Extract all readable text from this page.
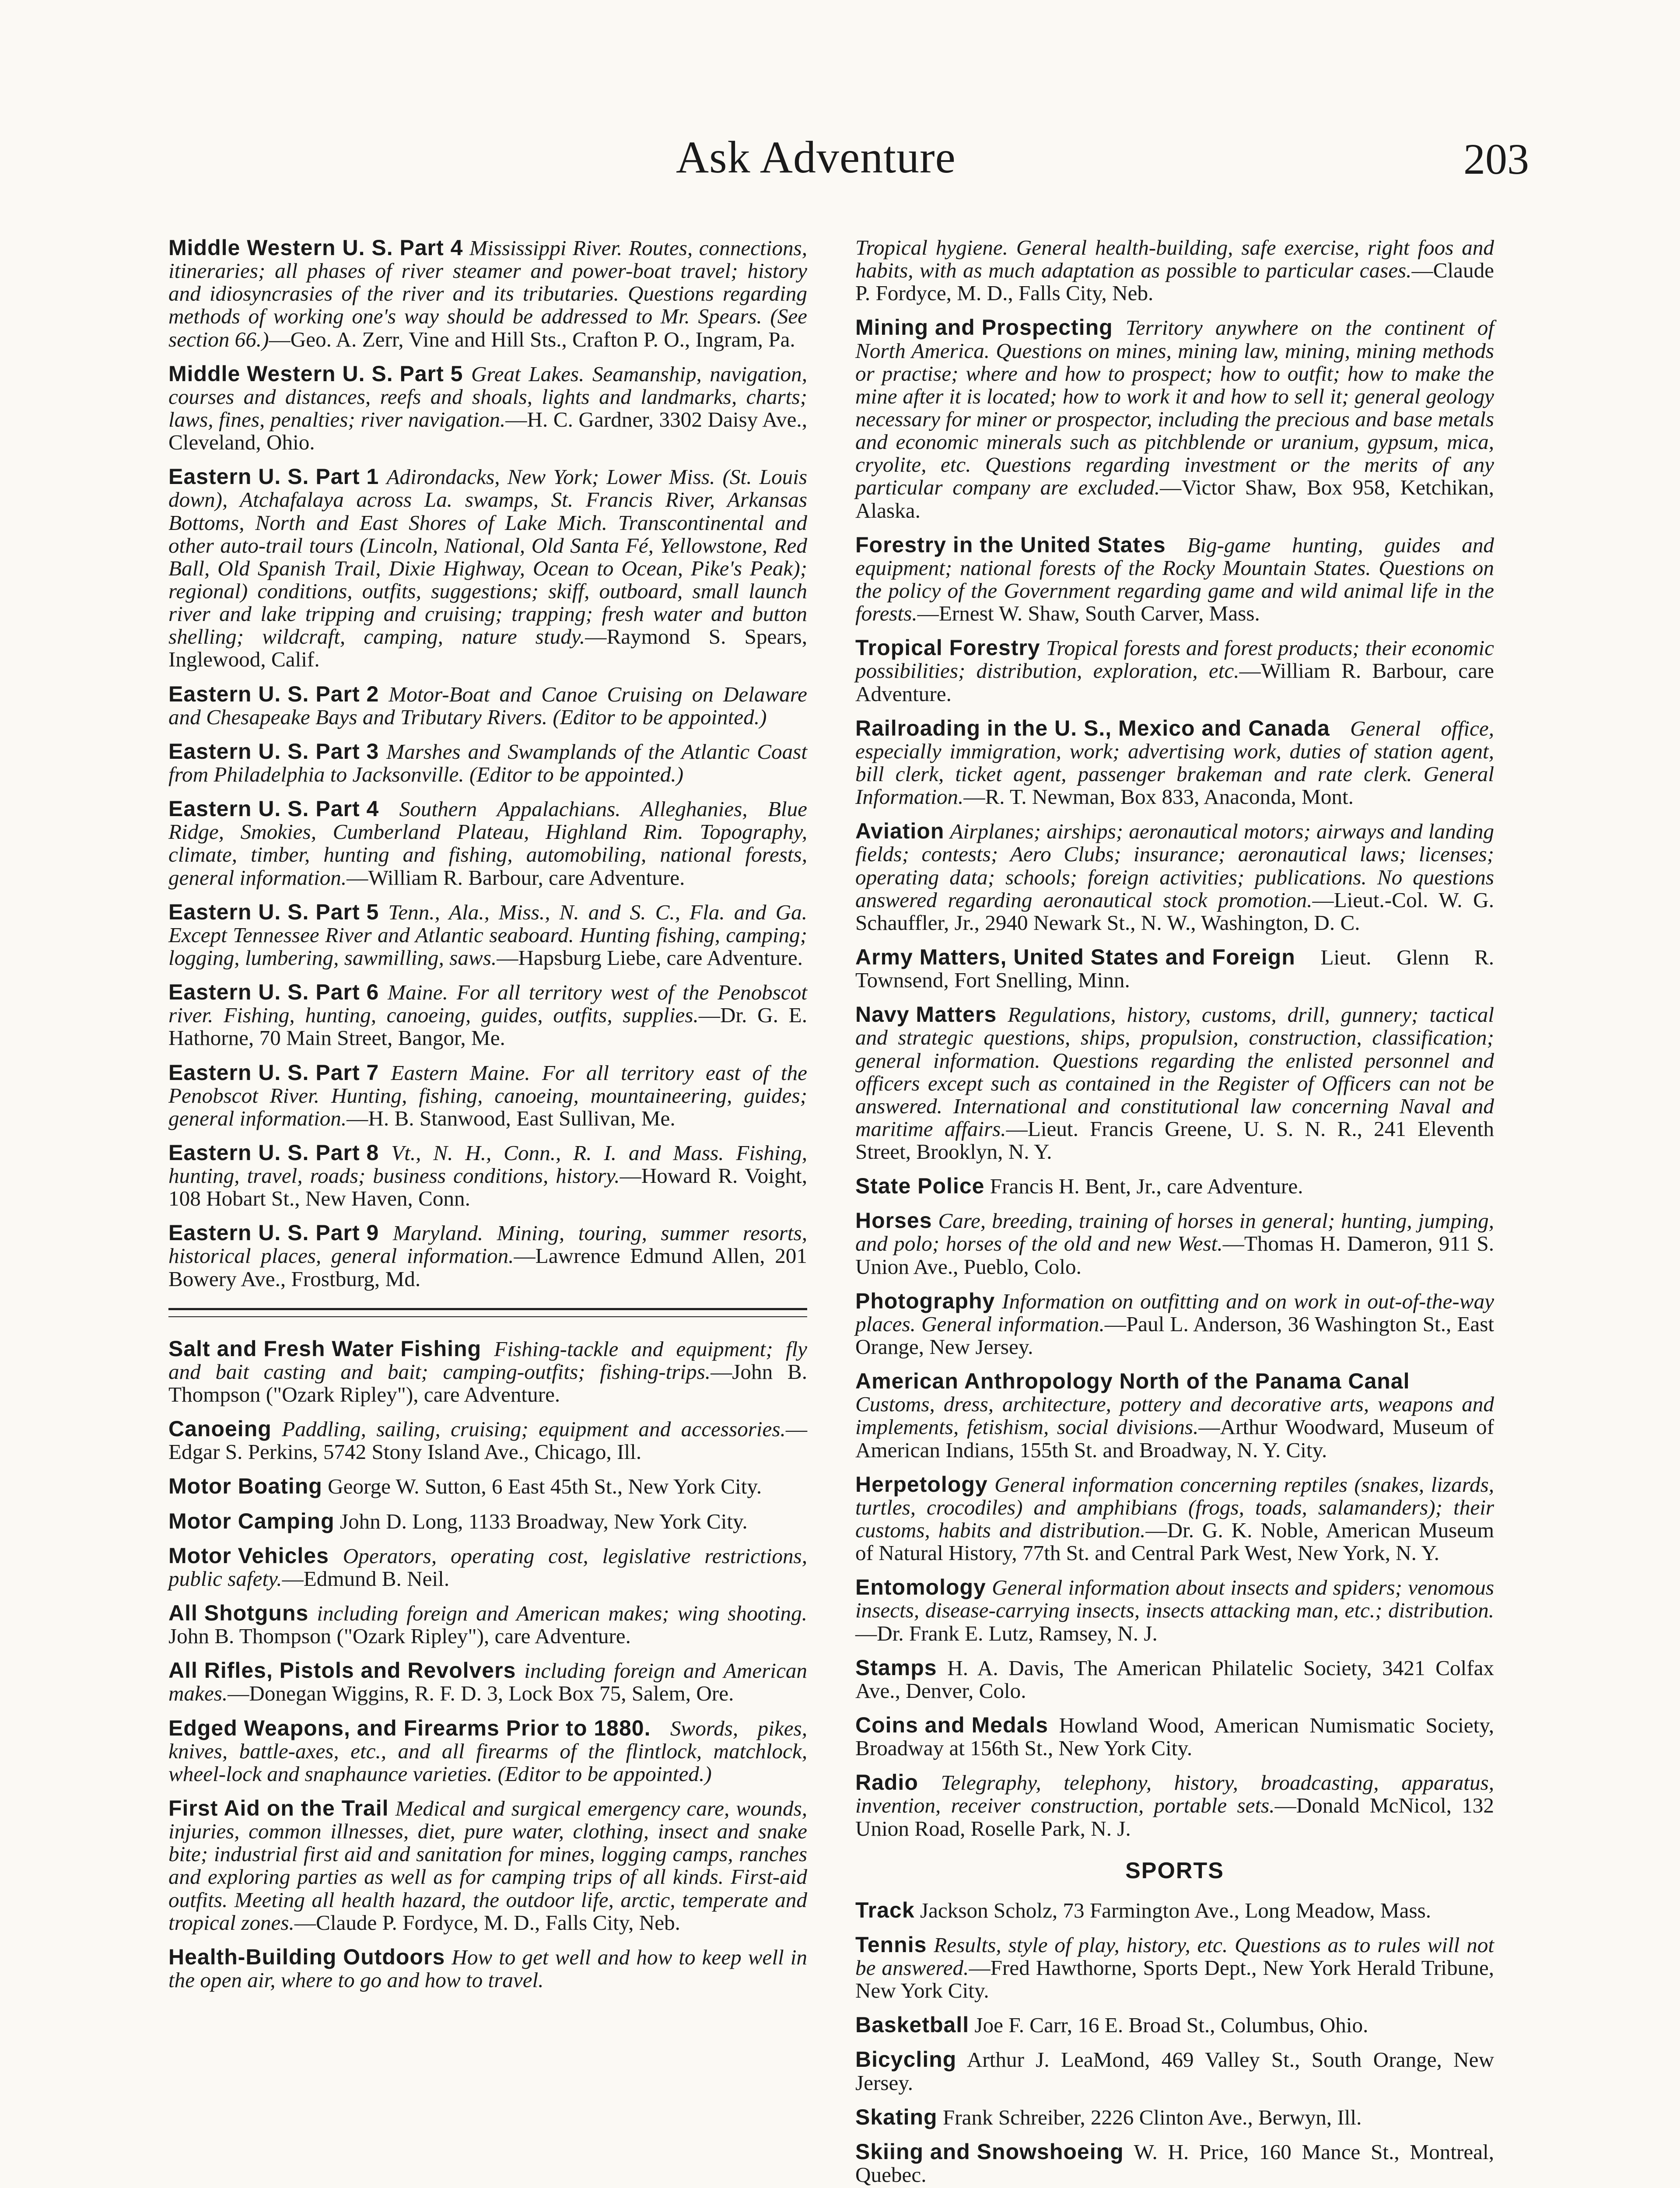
Ask Adventure	203

Middle Western U. S. Part 4 Mississippi River. Routes, connections, itineraries; all phases of river steamer and power-boat travel; history and idiosyncrasies of the river and its tributaries. Questions regarding methods of working one's way should be addressed to Mr. Spears. (See section 66.)—Geo. A. Zerr, Vine and Hill Sts., Crafton P. O., Ingram, Pa.

Middle Western U. S. Part 5 Great Lakes. Seamanship, navigation, courses and distances, reefs and shoals, lights and landmarks, charts; laws, fines, penalties; river navigation.—H. C. Gardner, 3302 Daisy Ave., Cleveland, Ohio.

Eastern U. S. Part 1 Adirondacks, New York; Lower Miss. (St. Louis down), Atchafalaya across La. swamps, St. Francis River, Arkansas Bottoms, North and East Shores of Lake Mich. Transcontinental and other auto-trail tours (Lincoln, National, Old Santa Fé, Yellowstone, Red Ball, Old Spanish Trail, Dixie Highway, Ocean to Ocean, Pike's Peak); regional) conditions, outfits, suggestions; skiff, outboard, small launch river and lake tripping and cruising; trapping; fresh water and button shelling; wildcraft, camping, nature study.—Raymond S. Spears, Inglewood, Calif.

Eastern U. S. Part 2 Motor-Boat and Canoe Cruising on Delaware and Chesapeake Bays and Tributary Rivers. (Editor to be appointed.)

Eastern U. S. Part 3 Marshes and Swamplands of the Atlantic Coast from Philadelphia to Jacksonville. (Editor to be appointed.)

Eastern U. S. Part 4 Southern Appalachians. Alleghanies, Blue Ridge, Smokies, Cumberland Plateau, Highland Rim. Topography, climate, timber, hunting and fishing, automobiling, national forests, general information.—William R. Barbour, care Adventure.

Eastern U. S. Part 5 Tenn., Ala., Miss., N. and S. C., Fla. and Ga. Except Tennessee River and Atlantic seaboard. Hunting fishing, camping; logging, lumbering, sawmilling, saws.—Hapsburg Liebe, care Adventure.

Eastern U. S. Part 6 Maine. For all territory west of the Penobscot river. Fishing, hunting, canoeing, guides, outfits, supplies.—Dr. G. E. Hathorne, 70 Main Street, Bangor, Me.

Eastern U. S. Part 7 Eastern Maine. For all territory east of the Penobscot River. Hunting, fishing, canoeing, mountaineering, guides; general information.—H. B. Stanwood, East Sullivan, Me.

Eastern U. S. Part 8 Vt., N. H., Conn., R. I. and Mass. Fishing, hunting, travel, roads; business conditions, history.—Howard R. Voight, 108 Hobart St., New Haven, Conn.

Eastern U. S. Part 9 Maryland. Mining, touring, summer resorts, historical places, general information.—Lawrence Edmund Allen, 201 Bowery Ave., Frostburg, Md.

Salt and Fresh Water Fishing Fishing-tackle and equipment; fly and bait casting and bait; camping-outfits; fishing-trips.—John B. Thompson ("Ozark Ripley"), care Adventure.

Canoeing Paddling, sailing, cruising; equipment and accessories.—Edgar S. Perkins, 5742 Stony Island Ave., Chicago, Ill.

Motor Boating George W. Sutton, 6 East 45th St., New York City.

Motor Camping John D. Long, 1133 Broadway, New York City.

Motor Vehicles Operators, operating cost, legislative restrictions, public safety.—Edmund B. Neil.

All Shotguns including foreign and American makes; wing shooting. John B. Thompson ("Ozark Ripley"), care Adventure.

All Rifles, Pistols and Revolvers including foreign and American makes.—Donegan Wiggins, R. F. D. 3, Lock Box 75, Salem, Ore.

Edged Weapons, and Firearms Prior to 1880. Swords, pikes, knives, battle-axes, etc., and all firearms of the flintlock, matchlock, wheel-lock and snaphaunce varieties. (Editor to be appointed.)

First Aid on the Trail Medical and surgical emergency care, wounds, injuries, common illnesses, diet, pure water, clothing, insect and snake bite; industrial first aid and sanitation for mines, logging camps, ranches and exploring parties as well as for camping trips of all kinds. First-aid outfits. Meeting all health hazard, the outdoor life, arctic, temperate and tropical zones.—Claude P. Fordyce, M. D., Falls City, Neb.

Health-Building Outdoors How to get well and how to keep well in the open air, where to go and how to travel.

Tropical hygiene. General health-building, safe exercise, right foos and habits, with as much adaptation as possible to particular cases.—Claude P. Fordyce, M. D., Falls City, Neb.

Mining and Prospecting Territory anywhere on the continent of North America. Questions on mines, mining law, mining, mining methods or practise; where and how to prospect; how to outfit; how to make the mine after it is located; how to work it and how to sell it; general geology necessary for miner or prospector, including the precious and base metals and economic minerals such as pitchblende or uranium, gypsum, mica, cryolite, etc. Questions regarding investment or the merits of any particular company are excluded.—Victor Shaw, Box 958, Ketchikan, Alaska.

Forestry in the United States Big-game hunting, guides and equipment; national forests of the Rocky Mountain States. Questions on the policy of the Government regarding game and wild animal life in the forests.—Ernest W. Shaw, South Carver, Mass.

Tropical Forestry Tropical forests and forest products; their economic possibilities; distribution, exploration, etc.—William R. Barbour, care Adventure.

Railroading in the U. S., Mexico and Canada General office, especially immigration, work; advertising work, duties of station agent, bill clerk, ticket agent, passenger brakeman and rate clerk. General Information.—R. T. Newman, Box 833, Anaconda, Mont.

Aviation Airplanes; airships; aeronautical motors; airways and landing fields; contests; Aero Clubs; insurance; aeronautical laws; licenses; operating data; schools; foreign activities; publications. No questions answered regarding aeronautical stock promotion.—Lieut.-Col. W. G. Schauffler, Jr., 2940 Newark St., N. W., Washington, D. C.

Army Matters, United States and Foreign Lieut. Glenn R. Townsend, Fort Snelling, Minn.

Navy Matters Regulations, history, customs, drill, gunnery; tactical and strategic questions, ships, propulsion, construction, classification; general information. Questions regarding the enlisted personnel and officers except such as contained in the Register of Officers can not be answered. International and constitutional law concerning Naval and maritime affairs.—Lieut. Francis Greene, U. S. N. R., 241 Eleventh Street, Brooklyn, N. Y.

State Police Francis H. Bent, Jr., care Adventure.

Horses Care, breeding, training of horses in general; hunting, jumping, and polo; horses of the old and new West.—Thomas H. Dameron, 911 S. Union Ave., Pueblo, Colo.

Photography Information on outfitting and on work in out-of-the-way places. General information.—Paul L. Anderson, 36 Washington St., East Orange, New Jersey.

American Anthropology North of the Panama Canal Customs, dress, architecture, pottery and decorative arts, weapons and implements, fetishism, social divisions.—Arthur Woodward, Museum of American Indians, 155th St. and Broadway, N. Y. City.

Herpetology General information concerning reptiles (snakes, lizards, turtles, crocodiles) and amphibians (frogs, toads, salamanders); their customs, habits and distribution.—Dr. G. K. Noble, American Museum of Natural History, 77th St. and Central Park West, New York, N. Y.

Entomology General information about insects and spiders; venomous insects, disease-carrying insects, insects attacking man, etc.; distribution.—Dr. Frank E. Lutz, Ramsey, N. J.

Stamps H. A. Davis, The American Philatelic Society, 3421 Colfax Ave., Denver, Colo.

Coins and Medals Howland Wood, American Numismatic Society, Broadway at 156th St., New York City.

Radio Telegraphy, telephony, history, broadcasting, apparatus, invention, receiver construction, portable sets.—Donald McNicol, 132 Union Road, Roselle Park, N. J.

SPORTS

Track Jackson Scholz, 73 Farmington Ave., Long Meadow, Mass.

Tennis Results, style of play, history, etc. Questions as to rules will not be answered.—Fred Hawthorne, Sports Dept., New York Herald Tribune, New York City.

Basketball Joe F. Carr, 16 E. Broad St., Columbus, Ohio.

Bicycling Arthur J. LeaMond, 469 Valley St., South Orange, New Jersey.

Skating Frank Schreiber, 2226 Clinton Ave., Berwyn, Ill.

Skiing and Snowshoeing W. H. Price, 160 Mance St., Montreal, Quebec.
